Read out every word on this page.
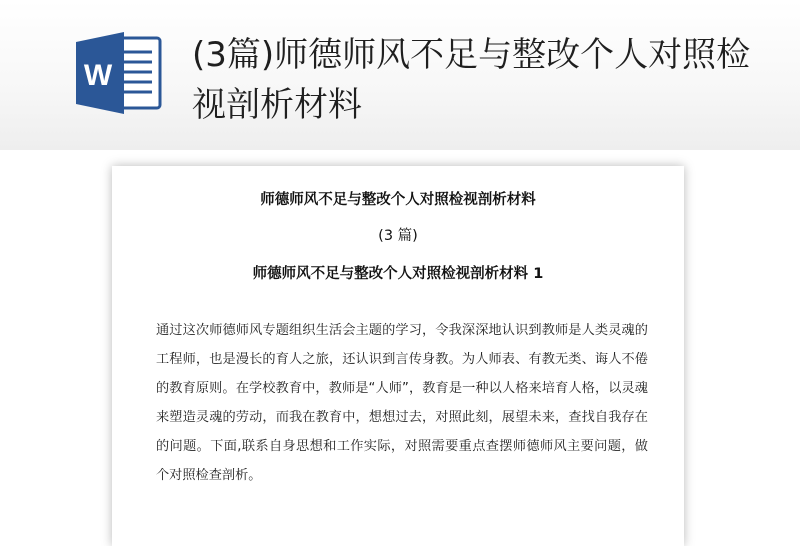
W
(3篇)师德师风不足与整改个人对照检视剖析材料

师德师风不足与整改个人对照检视剖析材料

(3 篇)

师德师风不足与整改个人对照检视剖析材料 1

通过这次师德师风专题组织生活会主题的学习，令我深深地认识到教师是人类灵魂的工程师，也是漫长的育人之旅，还认识到言传身教。为人师表、有教无类、诲人不倦的教育原则。在学校教育中，教师是“人师”，教育是一种以人格来培育人格，以灵魂来塑造灵魂的劳动，而我在教育中，想想过去，对照此刻，展望未来，查找自我存在的问题。下面,联系自身思想和工作实际，对照需要重点查摆师德师风主要问题，做个对照检查剖析。
